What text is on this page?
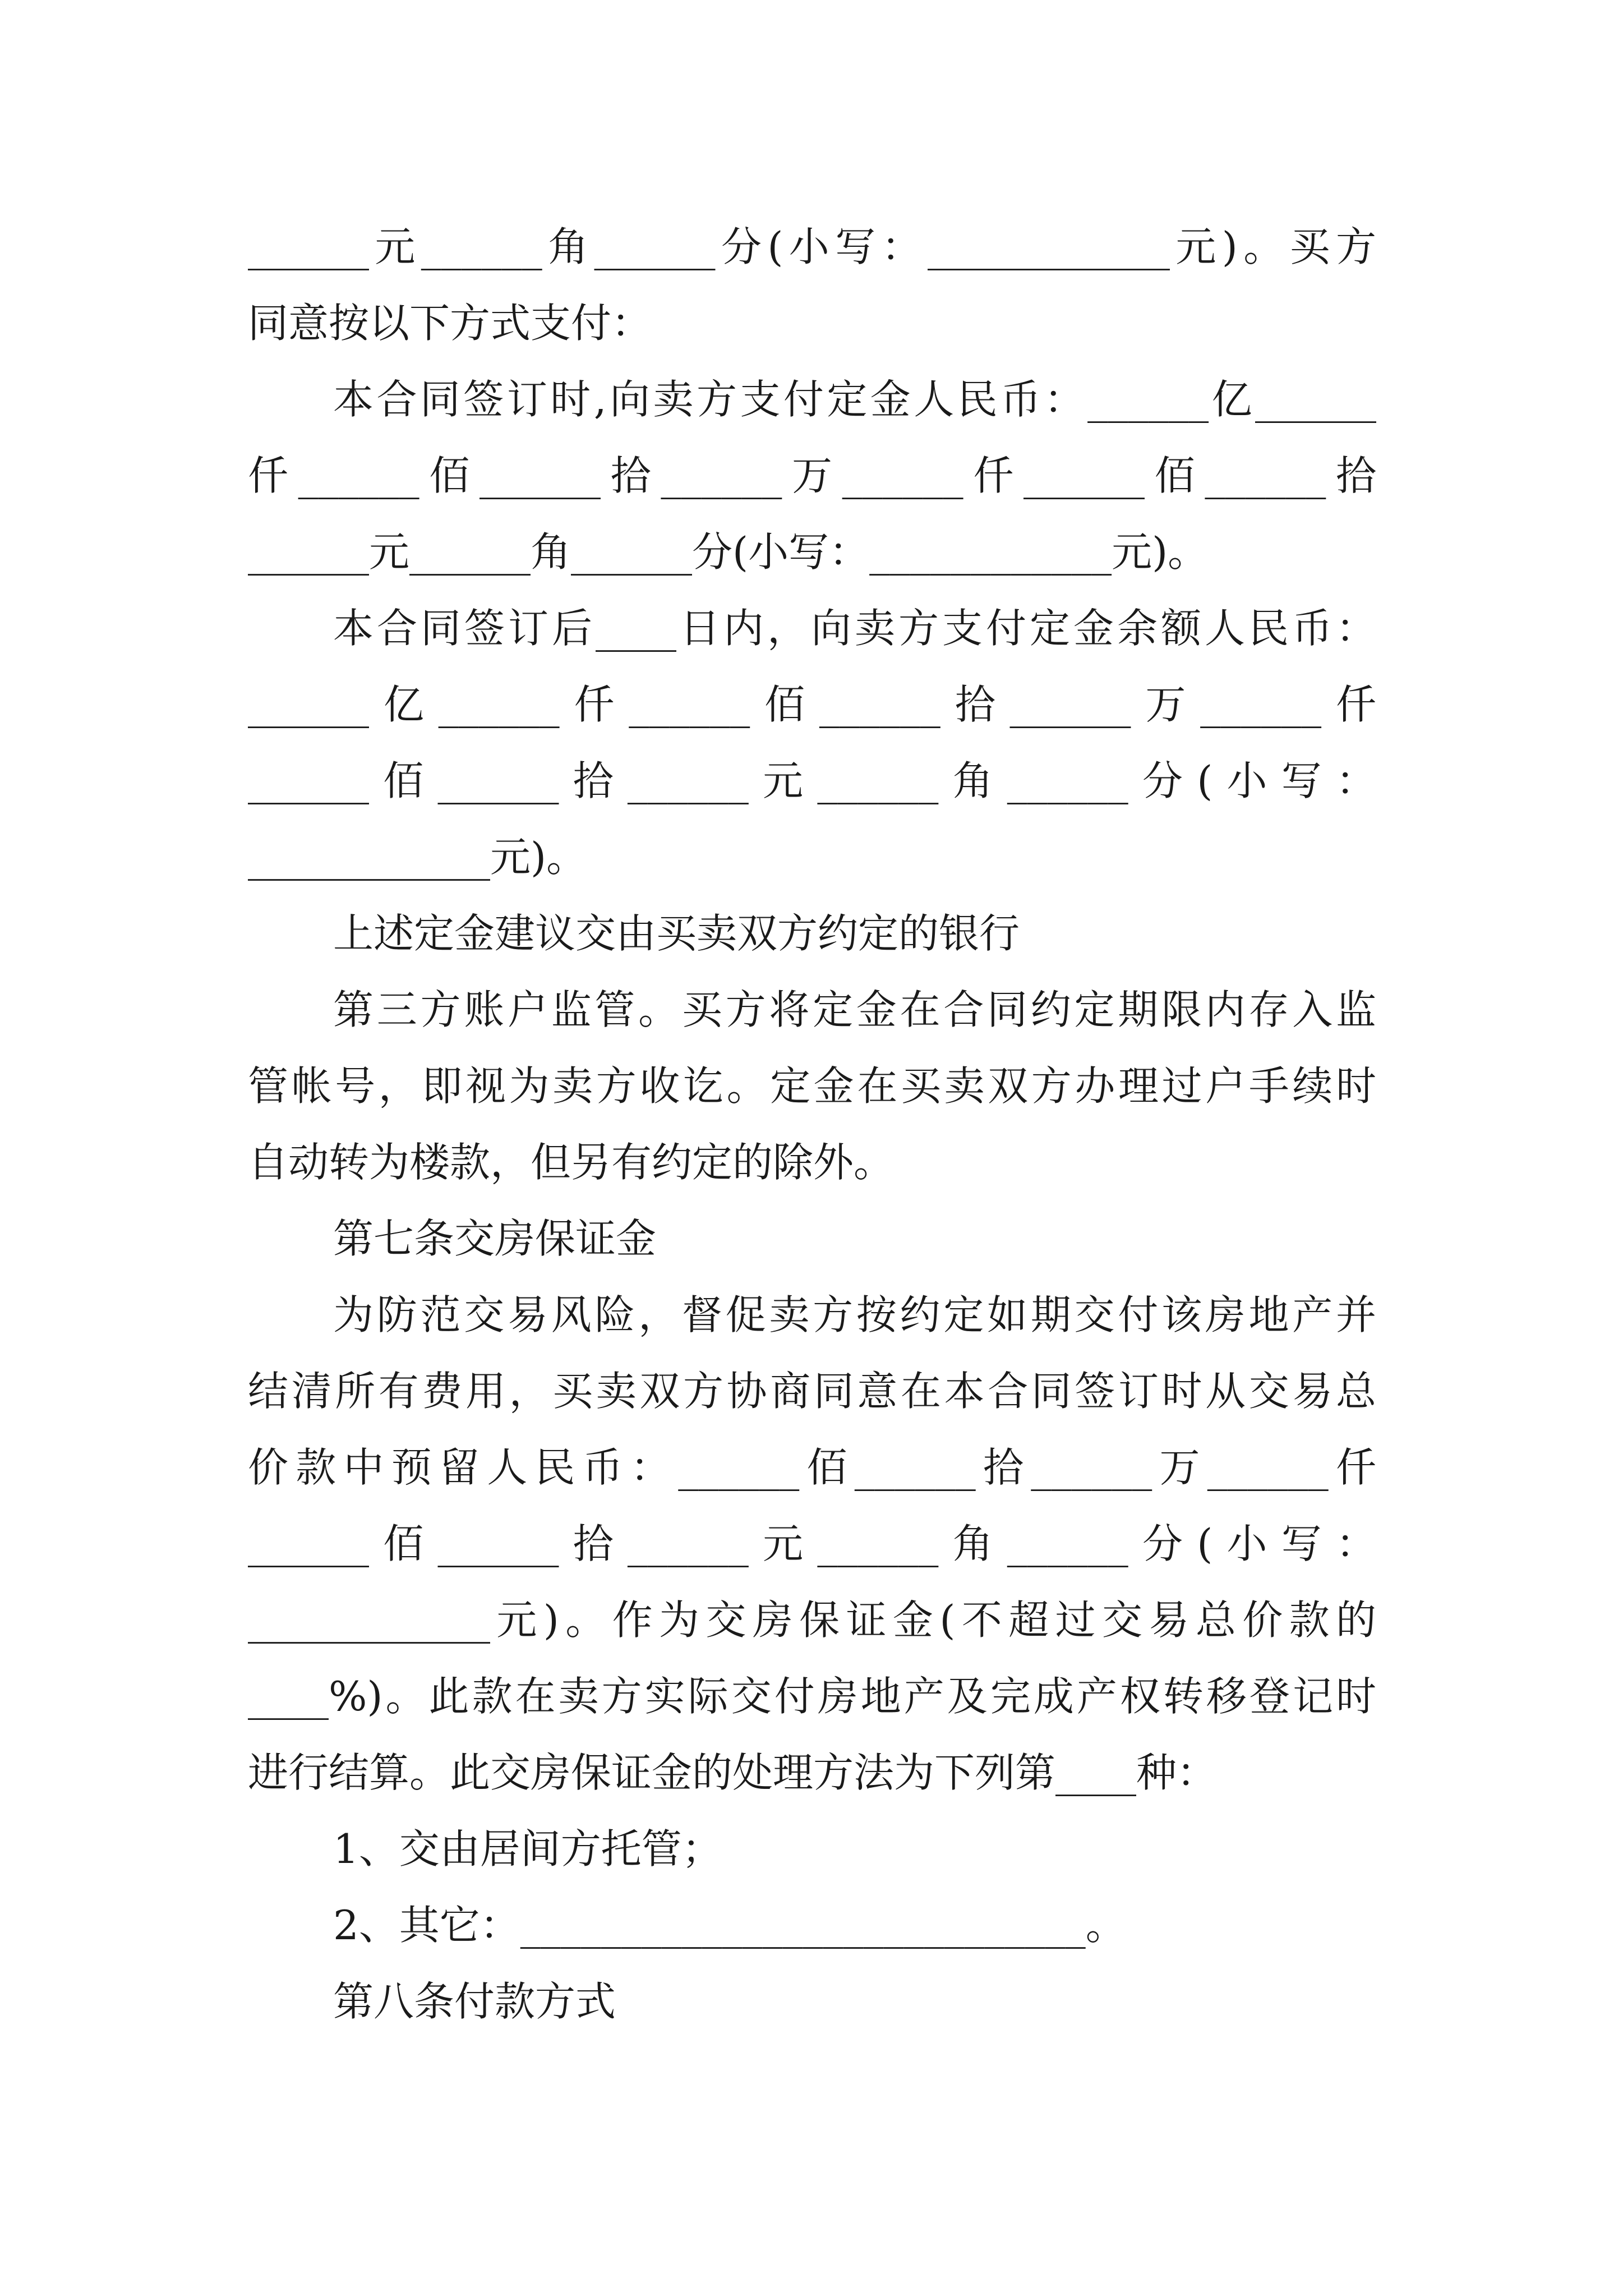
______元______角______分(小写：____________元)。买方
同意按以下方式支付：
本合同签订时,向卖方支付定金人民币：______亿______
仟______佰______拾______万______仟______佰______拾
______元______角______分(小写：____________元)。
本合同签订后____日内，向卖方支付定金余额人民币：
______亿______仟______佰______拾______万______仟
______佰______拾______元______角______分(小写：
____________元)。
上述定金建议交由买卖双方约定的银行
第三方账户监管。买方将定金在合同约定期限内存入监
管帐号，即视为卖方收讫。定金在买卖双方办理过户手续时
自动转为楼款，但另有约定的除外。
第七条交房保证金
为防范交易风险，督促卖方按约定如期交付该房地产并
结清所有费用，买卖双方协商同意在本合同签订时从交易总
价款中预留人民币：______佰______拾______万______仟
______佰______拾______元______角______分(小写：
____________元)。作为交房保证金(不超过交易总价款的
____%)。此款在卖方实际交付房地产及完成产权转移登记时
进行结算。此交房保证金的处理方法为下列第____种：
1、交由居间方托管；
2、其它：____________________________。
第八条付款方式
